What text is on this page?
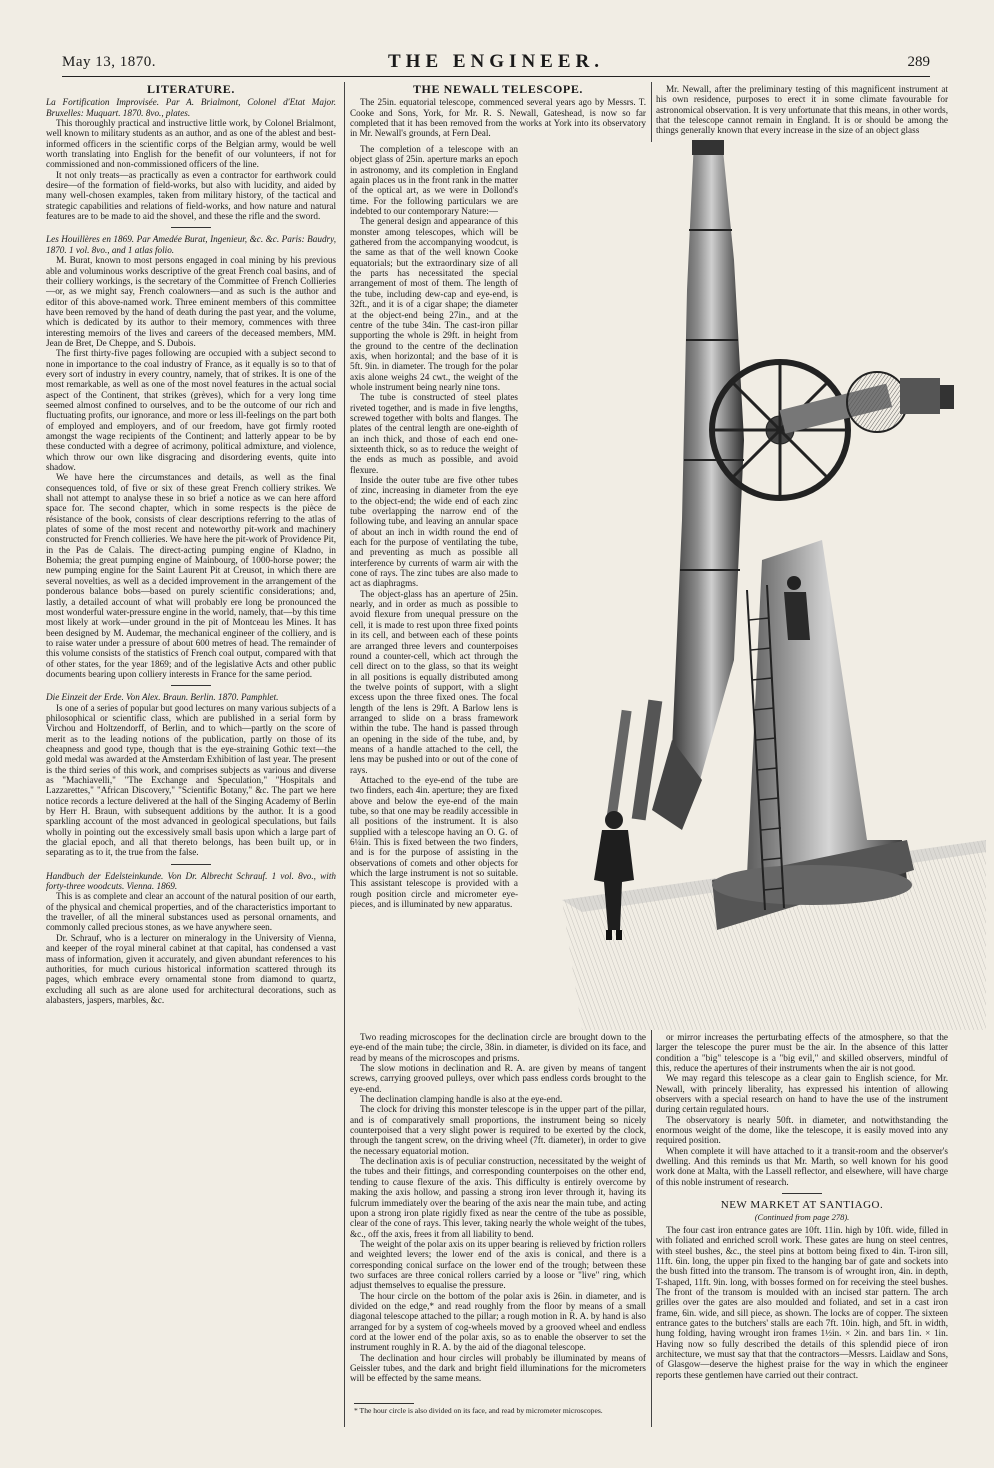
May 13, 1870.	THE ENGINEER.	289
LITERATURE.

La Fortification Improvisée. Par A. Brialmont, Colonel d'Etat Major. Bruxelles: Muquart. 1870. 8vo., plates.

This thoroughly practical and instructive little work, by Colonel Brialmont, well known to military students as an author, and as one of the ablest and best-informed officers in the scientific corps of the Belgian army, would be well worth translating into English for the benefit of our volunteers, if not for commissioned and non-commissioned officers of the line.

It not only treats—as practically as even a contractor for earthwork could desire—of the formation of field-works, but also with lucidity, and aided by many well-chosen examples, taken from military history, of the tactical and strategic capabilities and relations of field-works, and how nature and natural features are to be made to aid the shovel, and these the rifle and the sword.

Les Houillères en 1869. Par Amedée Burat, Ingenieur, &c. &c. Paris: Baudry, 1870. 1 vol. 8vo., and 1 atlas folio.

M. Burat, known to most persons engaged in coal mining by his previous able and voluminous works descriptive of the great French coal basins, and of their colliery workings, is the secretary of the Committee of French Collieries—or, as we might say, French coalowners—and as such is the author and editor of this above-named work. Three eminent members of this committee have been removed by the hand of death during the past year, and the volume, which is dedicated by its author to their memory, commences with three interesting memoirs of the lives and careers of the deceased members, MM. Jean de Bret, De Cheppe, and S. Dubois.

The first thirty-five pages following are occupied with a subject second to none in importance to the coal industry of France, as it equally is so to that of every sort of industry in every country, namely, that of strikes. It is one of the most remarkable, as well as one of the most novel features in the actual social aspect of the Continent, that strikes (grèves), which for a very long time seemed almost confined to ourselves, and to be the outcome of our rich and fluctuating profits, our ignorance, and more or less ill-feelings on the part both of employed and employers, and of our freedom, have got firmly rooted amongst the wage recipients of the Continent; and latterly appear to be by these conducted with a degree of acrimony, political admixture, and violence, which throw our own like disgracing and disordering events, quite into shadow.

We have here the circumstances and details, as well as the final consequences told, of five or six of these great French colliery strikes. We shall not attempt to analyse these in so brief a notice as we can here afford space for. The second chapter, which in some respects is the pièce de résistance of the book, consists of clear descriptions referring to the atlas of plates of some of the most recent and noteworthy pit-work and machinery constructed for French collieries. We have here the pit-work of Providence Pit, in the Pas de Calais. The direct-acting pumping engine of Kladno, in Bohemia; the great pumping engine of Mainbourg, of 1000-horse power; the new pumping engine for the Saint Laurent Pit at Creusot, in which there are several novelties, as well as a decided improvement in the arrangement of the ponderous balance bobs—based on purely scientific considerations; and, lastly, a detailed account of what will probably ere long be pronounced the most wonderful water-pressure engine in the world, namely, that—by this time most likely at work—under ground in the pit of Montceau les Mines. It has been designed by M. Audemar, the mechanical engineer of the colliery, and is to raise water under a pressure of about 600 metres of head. The remainder of this volume consists of the statistics of French coal output, compared with that of other states, for the year 1869; and of the legislative Acts and other public documents bearing upon colliery interests in France for the same period.

Die Einzeit der Erde. Von Alex. Braun. Berlin. 1870. Pamphlet.

Is one of a series of popular but good lectures on many various subjects of a philosophical or scientific class, which are published in a serial form by Virchou and Holtzendorff, of Berlin, and to which—partly on the score of merit as to the leading notions of the publication, partly on those of its cheapness and good type, though that is the eye-straining Gothic text—the gold medal was awarded at the Amsterdam Exhibition of last year. The present is the third series of this work, and comprises subjects as various and diverse as "Machiavelli," "The Exchange and Speculation," "Hospitals and Lazzarettes," "African Discovery," "Scientific Botany," &c. The part we here notice records a lecture delivered at the hall of the Singing Academy of Berlin by Herr H. Braun, with subsequent additions by the author. It is a good sparkling account of the most advanced in geological speculations, but fails wholly in pointing out the excessively small basis upon which a large part of the glacial epoch, and all that thereto belongs, has been built up, or in separating as to it, the true from the false.

Handbuch der Edelsteinkunde. Von Dr. Albrecht Schrauf. 1 vol. 8vo., with forty-three woodcuts. Vienna. 1869.

This is as complete and clear an account of the natural position of our earth, of the physical and chemical properties, and of the characteristics important to the traveller, of all the mineral substances used as personal ornaments, and commonly called precious stones, as we have anywhere seen.

Dr. Schrauf, who is a lecturer on mineralogy in the University of Vienna, and keeper of the royal mineral cabinet at that capital, has condensed a vast mass of information, given it accurately, and given abundant references to his authorities, for much curious historical information scattered through its pages, which embrace every ornamental stone from diamond to quartz, excluding all such as are alone used for architectural decorations, such as alabasters, jaspers, marbles, &c.

THE NEWALL TELESCOPE.

The 25in. equatorial telescope, commenced several years ago by Messrs. T. Cooke and Sons, York, for Mr. R. S. Newall, Gateshead, is now so far completed that it has been removed from the works at York into its observatory in Mr. Newall's grounds, at Fern Deal.

The completion of a telescope with an object glass of 25in. aperture marks an epoch in astronomy, and its completion in England again places us in the front rank in the matter of the optical art, as we were in Dollond's time. For the following particulars we are indebted to our contemporary Nature:—

The general design and appearance of this monster among telescopes, which will be gathered from the accompanying woodcut, is the same as that of the well known Cooke equatorials; but the extraordinary size of all the parts has necessitated the special arrangement of most of them. The length of the tube, including dew-cap and eye-end, is 32ft., and it is of a cigar shape; the diameter at the object-end being 27in., and at the centre of the tube 34in. The cast-iron pillar supporting the whole is 29ft. in height from the ground to the centre of the declination axis, when horizontal; and the base of it is 5ft. 9in. in diameter. The trough for the polar axis alone weighs 24 cwt., the weight of the whole instrument being nearly nine tons.

The tube is constructed of steel plates riveted together, and is made in five lengths, screwed together with bolts and flanges. The plates of the central length are one-eighth of an inch thick, and those of each end one-sixteenth thick, so as to reduce the weight of the ends as much as possible, and avoid flexure.

Inside the outer tube are five other tubes of zinc, increasing in diameter from the eye to the object-end; the wide end of each zinc tube overlapping the narrow end of the following tube, and leaving an annular space of about an inch in width round the end of each for the purpose of ventilating the tube, and preventing as much as possible all interference by currents of warm air with the cone of rays. The zinc tubes are also made to act as diaphragms.

The object-glass has an aperture of 25in. nearly, and in order as much as possible to avoid flexure from unequal pressure on the cell, it is made to rest upon three fixed points in its cell, and between each of these points are arranged three levers and counterpoises round a counter-cell, which act through the cell direct on to the glass, so that its weight in all positions is equally distributed among the twelve points of support, with a slight excess upon the three fixed ones. The focal length of the lens is 29ft. A Barlow lens is arranged to slide on a brass framework within the tube. The hand is passed through an opening in the side of the tube, and, by means of a handle attached to the cell, the lens may be pushed into or out of the cone of rays.

Attached to the eye-end of the tube are two finders, each 4in. aperture; they are fixed above and below the eye-end of the main tube, so that one may be readily accessible in all positions of the instrument. It is also supplied with a telescope having an O. G. of 6¼in. This is fixed between the two finders, and is for the purpose of assisting in the observations of comets and other objects for which the large instrument is not so suitable. This assistant telescope is provided with a rough position circle and micrometer eye-pieces, and is illuminated by new apparatus.

Mr. Newall, after the preliminary testing of this magnificent instrument at his own residence, purposes to erect it in some climate favourable for astronomical observation. It is very unfortunate that this means, in other words, that the telescope cannot remain in England. It is or should be among the things generally known that every increase in the size of an object glass

Two reading microscopes for the declination circle are brought down to the eye-end of the main tube; the circle, 38in. in diameter, is divided on its face, and read by means of the microscopes and prisms.

The slow motions in declination and R. A. are given by means of tangent screws, carrying grooved pulleys, over which pass endless cords brought to the eye-end.

The declination clamping handle is also at the eye-end.

The clock for driving this monster telescope is in the upper part of the pillar, and is of comparatively small proportions, the instrument being so nicely counterpoised that a very slight power is required to be exerted by the clock, through the tangent screw, on the driving wheel (7ft. diameter), in order to give the necessary equatorial motion.

The declination axis is of peculiar construction, necessitated by the weight of the tubes and their fittings, and corresponding counterpoises on the other end, tending to cause flexure of the axis. This difficulty is entirely overcome by making the axis hollow, and passing a strong iron lever through it, having its fulcrum immediately over the bearing of the axis near the main tube, and acting upon a strong iron plate rigidly fixed as near the centre of the tube as possible, clear of the cone of rays. This lever, taking nearly the whole weight of the tubes, &c., off the axis, frees it from all liability to bend.

The weight of the polar axis on its upper bearing is relieved by friction rollers and weighted levers; the lower end of the axis is conical, and there is a corresponding conical surface on the lower end of the trough; between these two surfaces are three conical rollers carried by a loose or "live" ring, which adjust themselves to equalise the pressure.

The hour circle on the bottom of the polar axis is 26in. in diameter, and is divided on the edge,* and read roughly from the floor by means of a small diagonal telescope attached to the pillar; a rough motion in R. A. by hand is also arranged for by a system of cog-wheels moved by a grooved wheel and endless cord at the lower end of the polar axis, so as to enable the observer to set the instrument roughly in R. A. by the aid of the diagonal telescope.

The declination and hour circles will probably be illuminated by means of Geissler tubes, and the dark and bright field illuminations for the micrometers will be effected by the same means.

* The hour circle is also divided on its face, and read by micrometer microscopes.

or mirror increases the perturbating effects of the atmosphere, so that the larger the telescope the purer must be the air. In the absence of this latter condition a "big" telescope is a "big evil," and skilled observers, mindful of this, reduce the apertures of their instruments when the air is not good.

We may regard this telescope as a clear gain to English science, for Mr. Newall, with princely liberality, has expressed his intention of allowing observers with a special research on hand to have the use of the instrument during certain regulated hours.

The observatory is nearly 50ft. in diameter, and notwithstanding the enormous weight of the dome, like the telescope, it is easily moved into any required position.

When complete it will have attached to it a transit-room and the observer's dwelling. And this reminds us that Mr. Marth, so well known for his good work done at Malta, with the Lassell reflector, and elsewhere, will have charge of this noble instrument of research.

NEW MARKET AT SANTIAGO.
(Continued from page 278).

The four cast iron entrance gates are 10ft. 11in. high by 10ft. wide, filled in with foliated and enriched scroll work. These gates are hung on steel centres, with steel bushes, &c., the steel pins at bottom being fixed to 4in. T-iron sill, 11ft. 6in. long, the upper pin fixed to the hanging bar of gate and sockets into the bush fitted into the transom. The transom is of wrought iron, 4in. in depth, T-shaped, 11ft. 9in. long, with bosses formed on for receiving the steel bushes. The front of the transom is moulded with an incised star pattern. The arch grilles over the gates are also moulded and foliated, and set in a cast iron frame, 6in. wide, and sill piece, as shown. The locks are of copper. The sixteen entrance gates to the butchers' stalls are each 7ft. 10in. high, and 5ft. in width, hung folding, having wrought iron frames 1½in. × 2in. and bars 1in. × 1in. Having now so fully described the details of this splendid piece of iron architecture, we must say that that the contractors—Messrs. Laidlaw and Sons, of Glasgow—deserve the highest praise for the way in which the engineer reports these gentlemen have carried out their contract.
